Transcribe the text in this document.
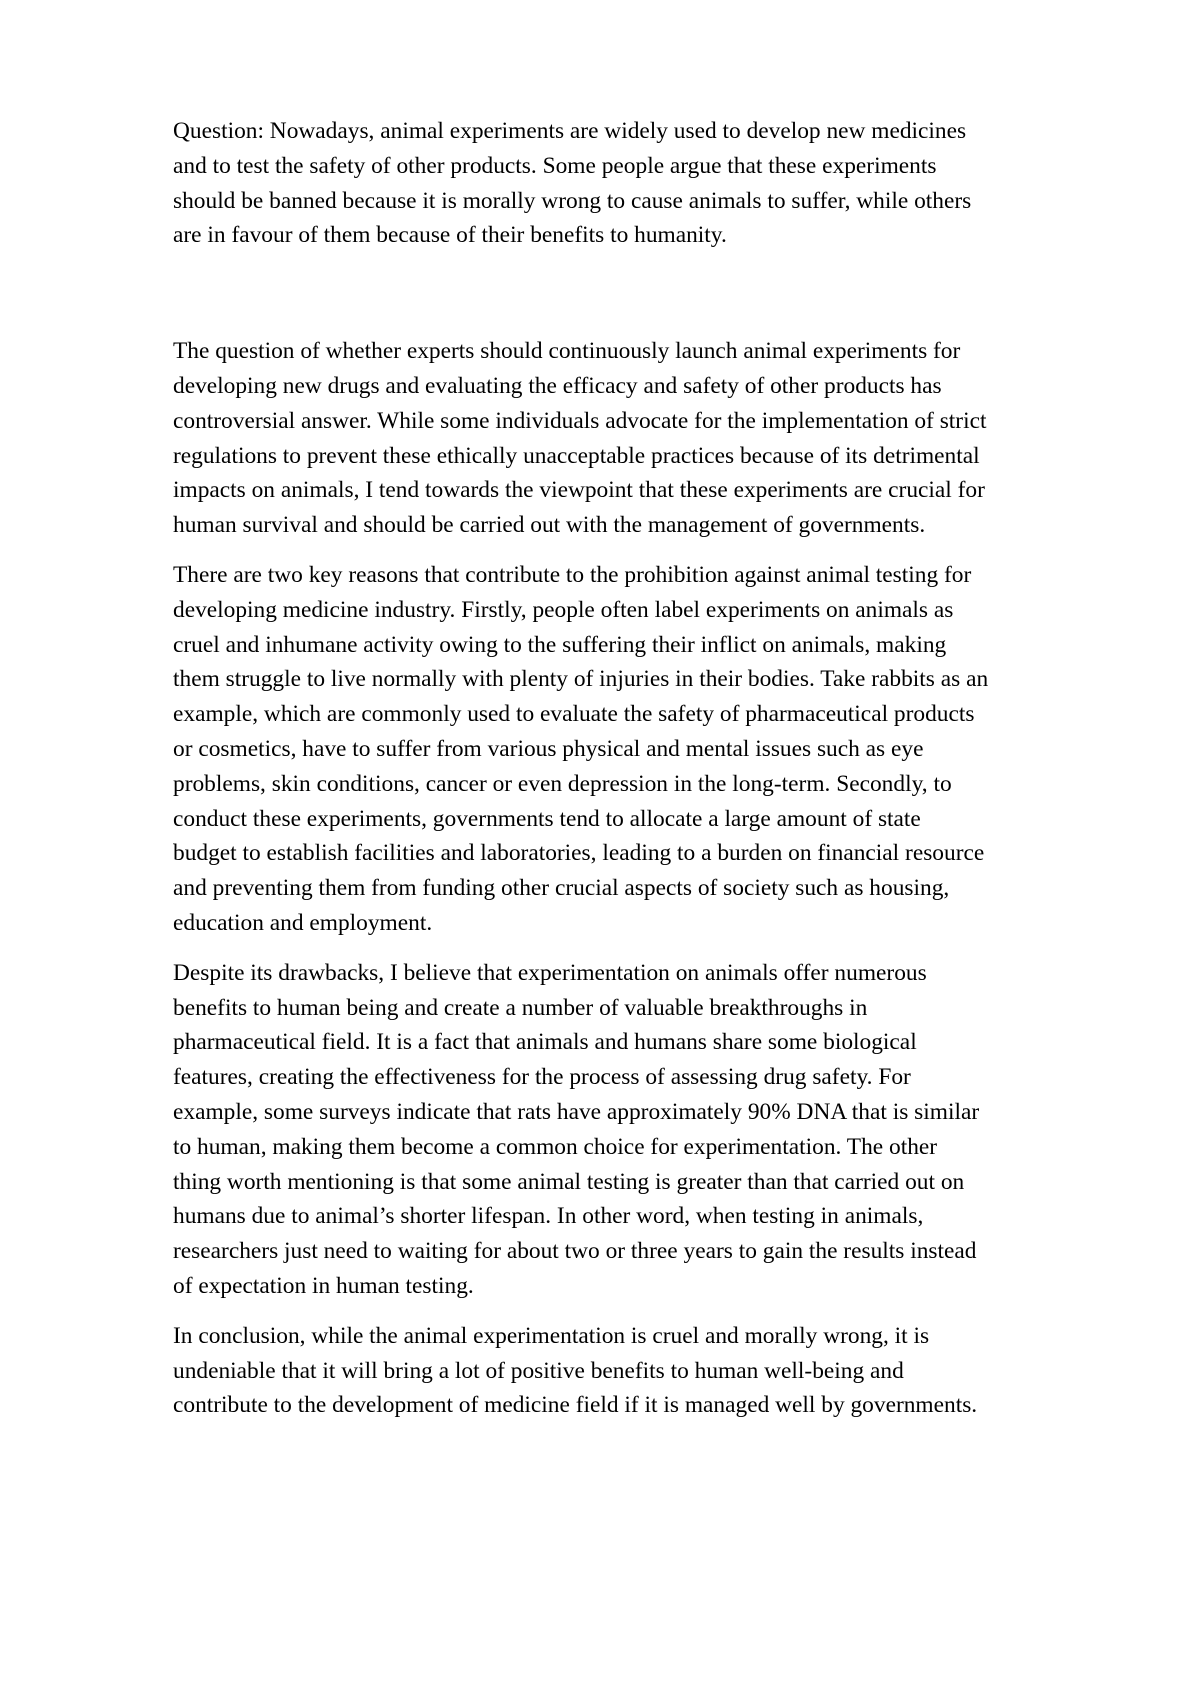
Question: Nowadays, animal experiments are widely used to develop new medicines
and to test the safety of other products. Some people argue that these experiments
should be banned because it is morally wrong to cause animals to suffer, while others
are in favour of them because of their benefits to humanity.

The question of whether experts should continuously launch animal experiments for
developing new drugs and evaluating the efficacy and safety of other products has
controversial answer. While some individuals advocate for the implementation of strict
regulations to prevent these ethically unacceptable practices because of its detrimental
impacts on animals, I tend towards the viewpoint that these experiments are crucial for
human survival and should be carried out with the management of governments.

There are two key reasons that contribute to the prohibition against animal testing for
developing medicine industry. Firstly, people often label experiments on animals as
cruel and inhumane activity owing to the suffering their inflict on animals, making
them struggle to live normally with plenty of injuries in their bodies. Take rabbits as an
example, which are commonly used to evaluate the safety of pharmaceutical products
or cosmetics, have to suffer from various physical and mental issues such as eye
problems, skin conditions, cancer or even depression in the long-term. Secondly, to
conduct these experiments, governments tend to allocate a large amount of state
budget to establish facilities and laboratories, leading to a burden on financial resource
and preventing them from funding other crucial aspects of society such as housing,
education and employment.

Despite its drawbacks, I believe that experimentation on animals offer numerous
benefits to human being and create a number of valuable breakthroughs in
pharmaceutical field. It is a fact that animals and humans share some biological
features, creating the effectiveness for the process of assessing drug safety. For
example, some surveys indicate that rats have approximately 90% DNA that is similar
to human, making them become a common choice for experimentation. The other
thing worth mentioning is that some animal testing is greater than that carried out on
humans due to animal’s shorter lifespan. In other word, when testing in animals,
researchers just need to waiting for about two or three years to gain the results instead
of expectation in human testing.

In conclusion, while the animal experimentation is cruel and morally wrong, it is
undeniable that it will bring a lot of positive benefits to human well-being and
contribute to the development of medicine field if it is managed well by governments.
